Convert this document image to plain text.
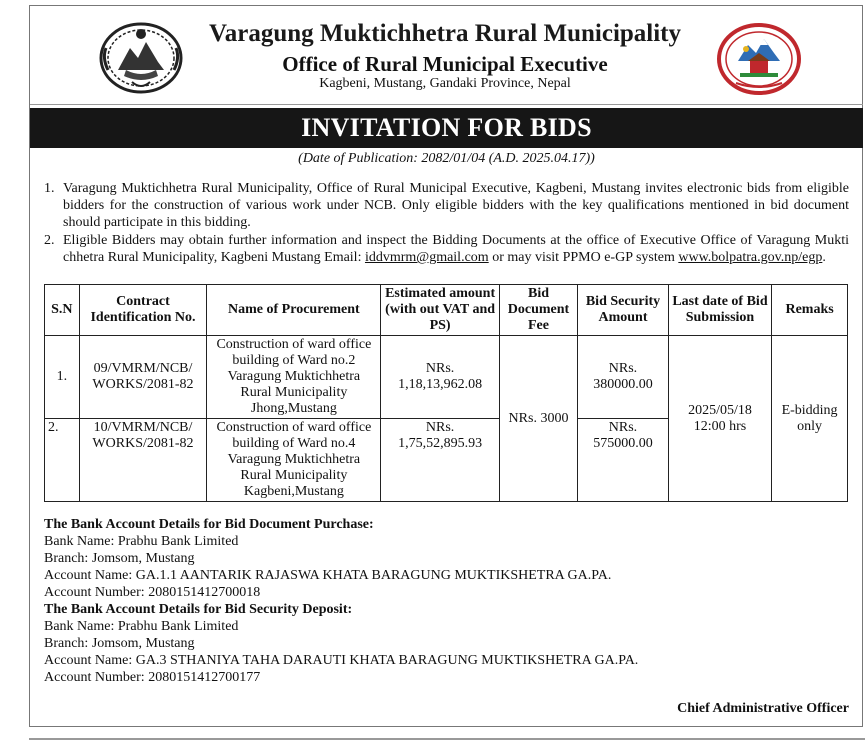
Varagung Muktichhetra Rural Municipality
Office of Rural Municipal Executive
Kagbeni, Mustang, Gandaki Province, Nepal
INVITATION FOR BIDS
(Date of Publication: 2082/01/04 (A.D. 2025.04.17))
1. Varagung Muktichhetra Rural Municipality, Office of Rural Municipal Executive, Kagbeni, Mustang invites electronic bids from eligible bidders for the construction of various work under NCB. Only eligible bidders with the key qualifications mentioned in bid document should participate in this bidding.
2. Eligible Bidders may obtain further information and inspect the Bidding Documents at the office of Executive Office of Varagung Mukti​chhetra Rural Municipality, Kagbeni Mustang Email: iddvmrm@gmail.com or may visit PPMO e-GP system www.bolpatra.gov.np/egp.
S.N	Contract Identification No.	Name of Procurement	Estimated amount (with out VAT and PS)	Bid Document Fee	Bid Security Amount	Last date of Bid Submission	Remaks
1.	09/VMRM/NCB/ WORKS/2081-82	Construction of ward office building of Ward no.2 Varagung Muktichhetra Rural Municipality Jhong,Mustang	NRs. 1,18,13,962.08	NRs. 3000	NRs. 380000.00	2025/05/18 12:00 hrs	E-bidding only
2.	10/VMRM/NCB/ WORKS/2081-82	Construction of ward office building of Ward no.4 Varagung Muktichhetra Rural Municipality Kagbeni,Mustang	NRs. 1,75,52,895.93		NRs. 575000.00		
The Bank Account Details for Bid Document Purchase:
Bank Name: Prabhu Bank Limited
Branch: Jomsom, Mustang
Account Name: GA.1.1 AANTARIK RAJASWA KHATA BARAGUNG MUKTIKSHETRA GA.PA.
Account Number: 2080151412700018
The Bank Account Details for Bid Security Deposit:
Bank Name: Prabhu Bank Limited
Branch: Jomsom, Mustang
Account Name: GA.3 STHANIYA TAHA DARAUTI KHATA BARAGUNG MUKTIKSHETRA GA.PA.
Account Number: 2080151412700177
Chief Administrative Officer
